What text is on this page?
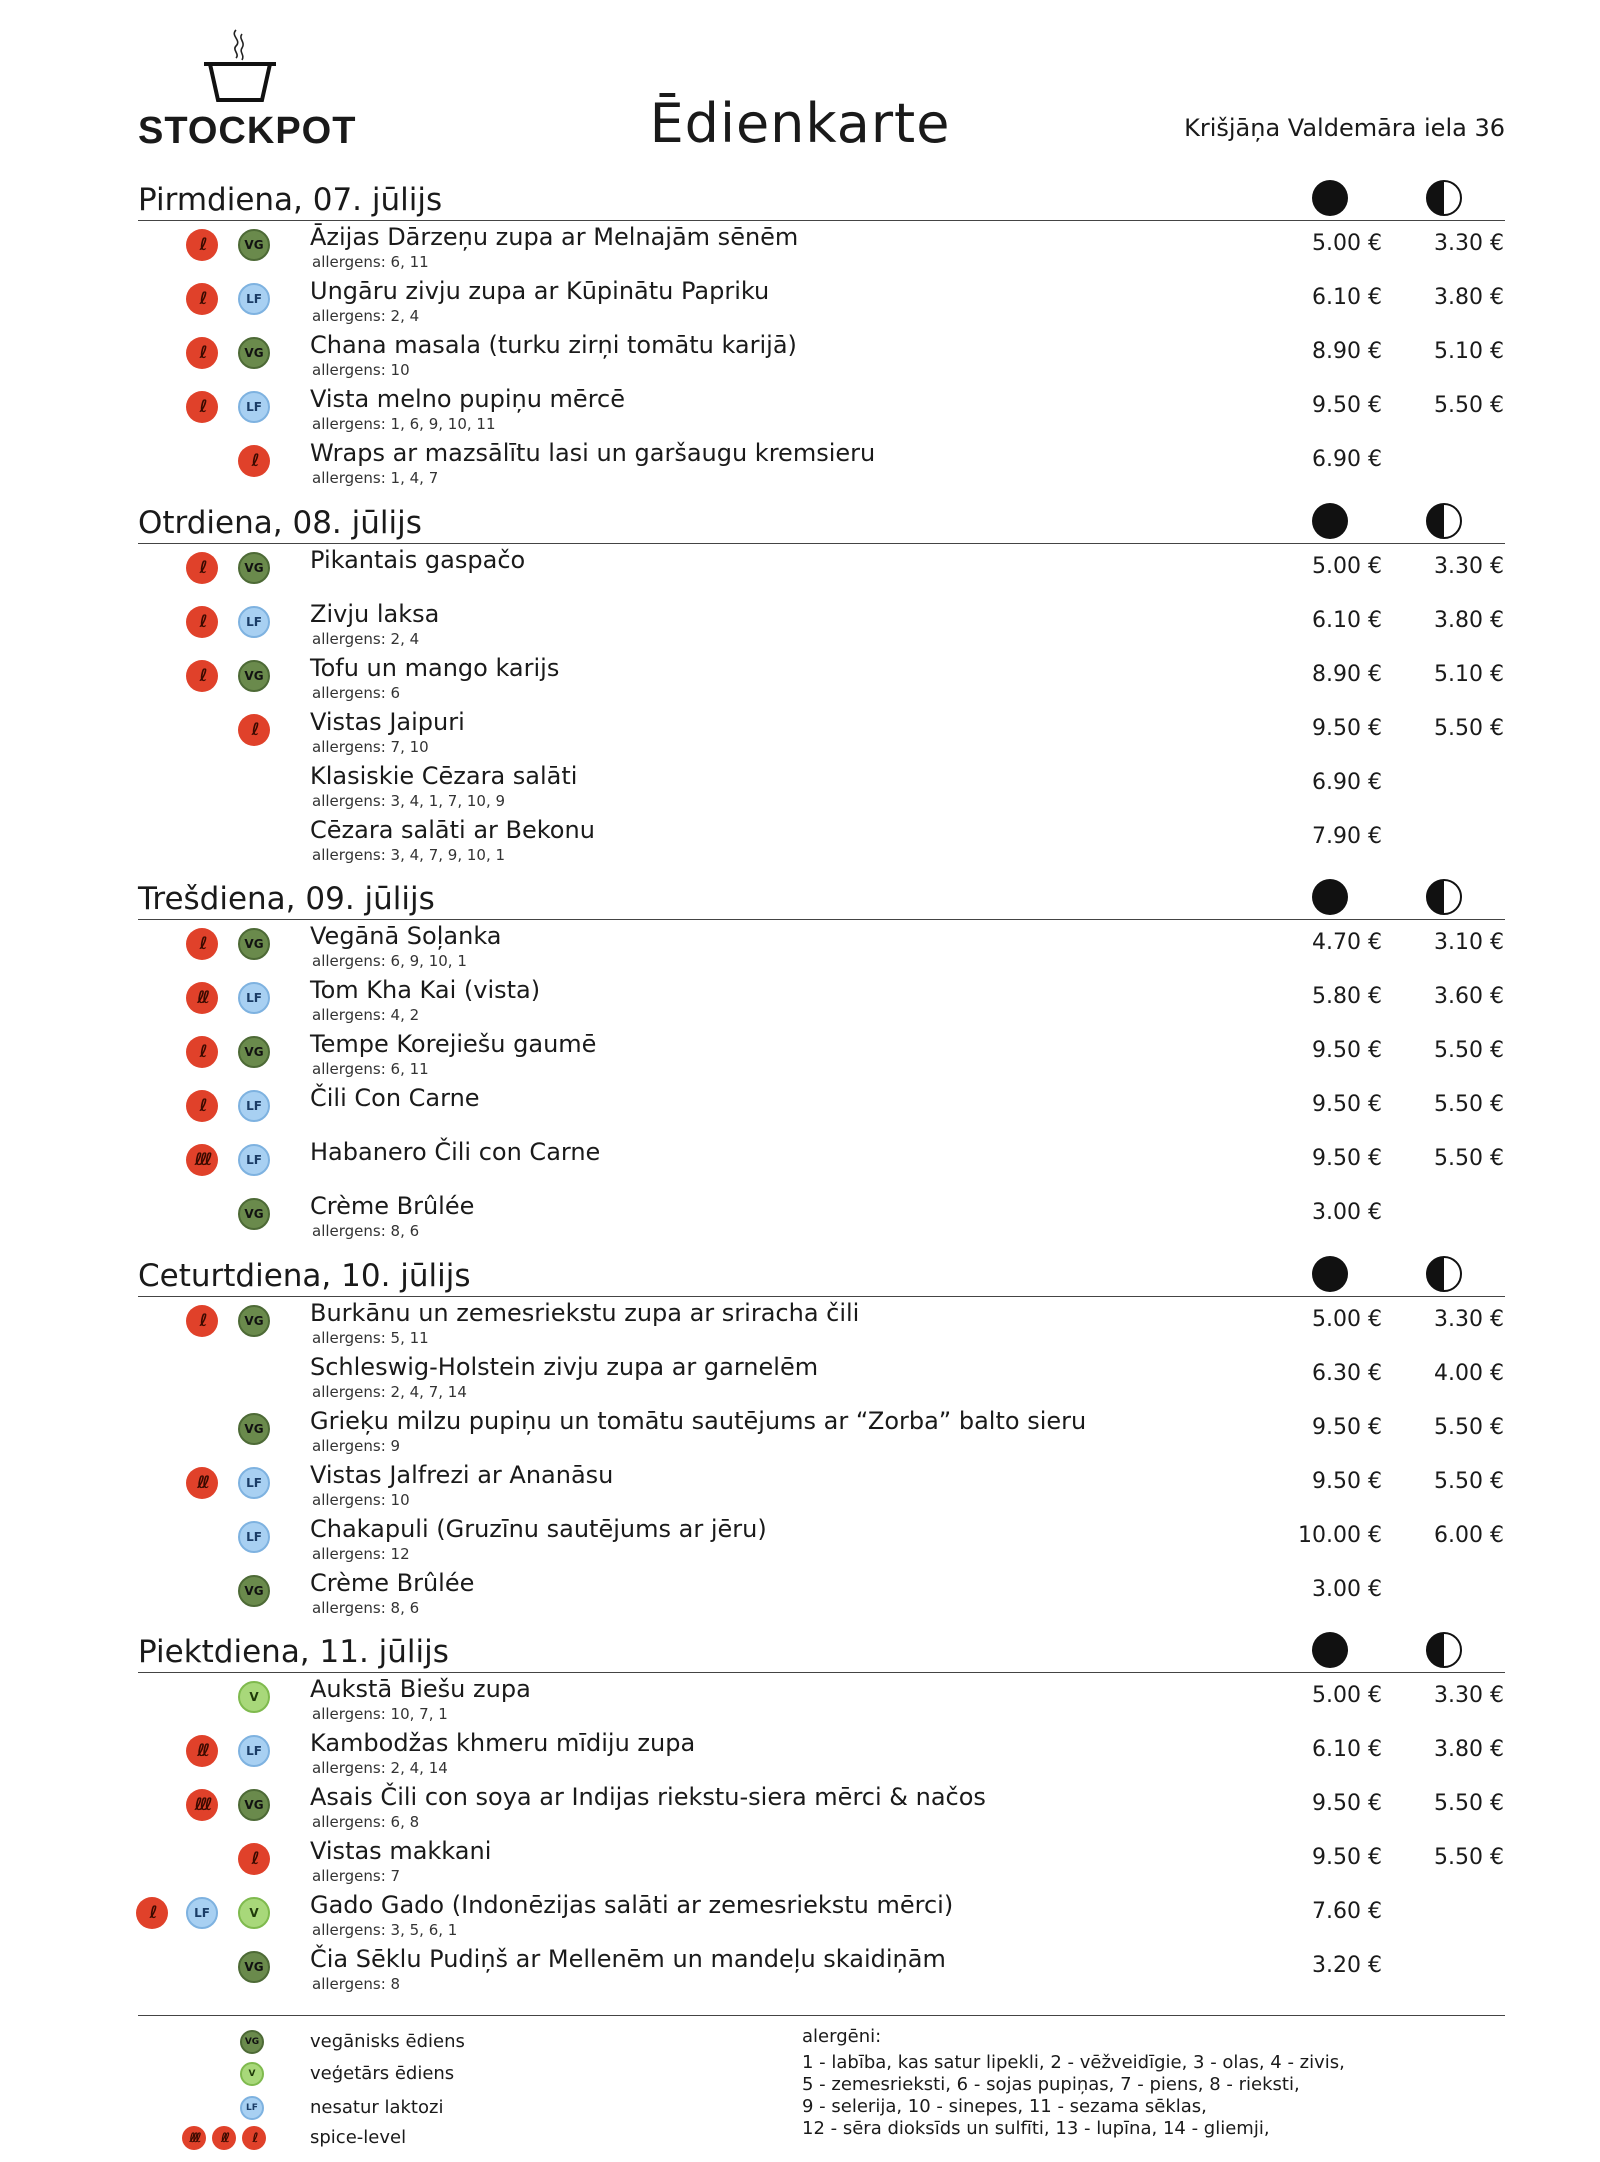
STOCKPOT	Ēdienkarte	Krišjāņa Valdemāra iela 36
Pirmdiena, 07. jūlijs
ℓ	VG Āzijas Dārzeņu zupa ar Melnajām sēnēm
allergens: 6, 11
5.00 €	3.30 €
ℓ	LF	Ungāru zivju zupa ar Kūpinātu Papriku
allergens: 2, 4
6.10 €	3.80 €
ℓ	VG Chana masala (turku zirņi tomātu karijā)
allergens: 10
8.90 €	5.10 €
ℓ	LF	Vista melno pupiņu mērcē
allergens: 1, 6, 9, 10, 11
9.50 €	5.50 €
ℓ	Wraps ar mazsālītu lasi un garšaugu kremsieru
allergens: 1, 4, 7
6.90 €
Otrdiena, 08. jūlijs
ℓ	VG Pikantais gaspačo	5.00 €	3.30 €
ℓ	LF	Zivju laksa
allergens: 2, 4
6.10 €	3.80 €
ℓ	VG Tofu un mango karijs
allergens: 6
8.90 €	5.10 €
ℓ	Vistas Jaipuri
allergens: 7, 10
9.50 €	5.50 €
Klasiskie Cēzara salāti
allergens: 3, 4, 1, 7, 10, 9
6.90 €
Cēzara salāti ar Bekonu
allergens: 3, 4, 7, 9, 10, 1
7.90 €
Trešdiena, 09. jūlijs
ℓ	VG Vegānā Soļanka
allergens: 6, 9, 10, 1
4.70 €	3.10 €
ℓℓ	LF	Tom Kha Kai (vista)
allergens: 4, 2
5.80 €	3.60 €
ℓ	VG Tempe Korejiešu gaumē
allergens: 6, 11
9.50 €	5.50 €
ℓ	LF	Čili Con Carne	9.50 €	5.50 €
ℓℓℓ	LF	Habanero Čili con Carne	9.50 €	5.50 €
VG Crème Brûlée
allergens: 8, 6
3.00 €
Ceturtdiena, 10. jūlijs
ℓ	VG Burkānu un zemesriekstu zupa ar sriracha čili
allergens: 5, 11
5.00 €	3.30 €
Schleswig-Holstein zivju zupa ar garnelēm
allergens: 2, 4, 7, 14
6.30 €	4.00 €
VG Grieķu milzu pupiņu un tomātu sautējums ar “Zorba” balto sieru
allergens: 9
9.50 €	5.50 €
ℓℓ	LF	Vistas Jalfrezi ar Ananāsu
allergens: 10
9.50 €	5.50 €
LF	Chakapuli (Gruzīnu sautējums ar jēru)
allergens: 12
10.00 €	6.00 €
VG Crème Brûlée
allergens: 8, 6
3.00 €
Piektdiena, 11. jūlijs
V	Aukstā Biešu zupa
allergens: 10, 7, 1
5.00 €	3.30 €
ℓℓ	LF	Kambodžas khmeru mīdiju zupa
allergens: 2, 4, 14
6.10 €	3.80 €
ℓℓℓ	VG Asais Čili con soya ar Indijas riekstu-siera mērci & načos
allergens: 6, 8
9.50 €	5.50 €
ℓ	Vistas makkani
allergens: 7
9.50 €	5.50 €
ℓ	LF	V	Gado Gado (Indonēzijas salāti ar zemesriekstu mērci)
allergens: 3, 5, 6, 1
7.60 €
VG Čia Sēklu Pudiņš ar Mellenēm un mandeļu skaidiņām
allergens: 8
3.20 €
VG	vegānisks ēdiens
V	veģetārs ēdiens
LF	nesatur laktozi
ℓℓℓ	ℓℓ	ℓ	spice-level
alergēni:
1 - labība, kas satur lipekli, 2 - vēžveidīgie, 3 - olas, 4 - zivis,
5 - zemesrieksti, 6 - sojas pupiņas, 7 - piens, 8 - rieksti,
9 - selerija, 10 - sinepes, 11 - sezama sēklas,
12 - sēra dioksīds un sulfīti, 13 - lupīna, 14 - gliemji,
